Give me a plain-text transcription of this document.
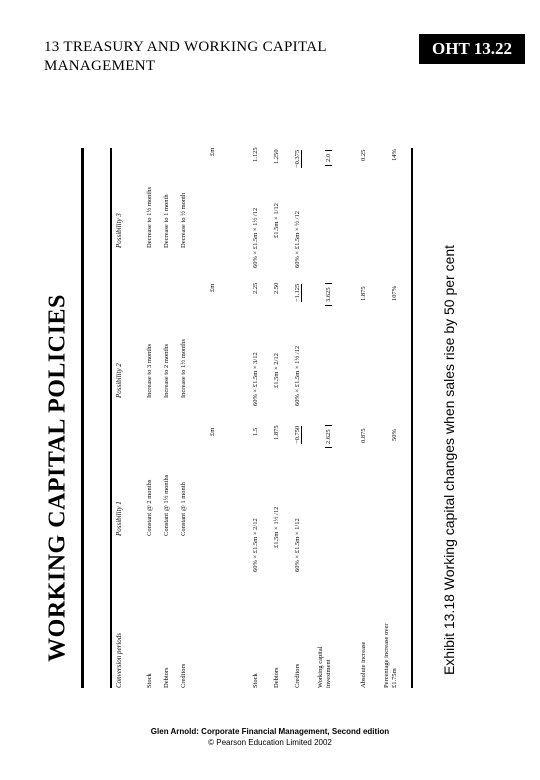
13 TREASURY AND WORKING CAPITAL MANAGEMENT
OHT 13.22
WORKING CAPITAL POLICIES	Exhibit 13.18 Working capital changes when sales rise by 50 per cent
Conversion periods
Possibility 1
Possibility 2
Possibility 3
Stock
Constant @ 2 months
Increase to 3 months
Decrease to 1½ months
Debtors
Constant @ 1½ months
Increase to 2 months
Decrease to 1 month
Creditors
Constant @ 1 month
Increase to 1½ months
Decrease to ½ month
£m
£m
£m
Stock
60% × £1.5m × 2/12
1.5
60% × £1.5m × 3/12
2.25
60% × £1.5m × 1½ /12
1.125
Debtors
£1.5m × 1½ /12
1.875
£1.5m × 2/12
2.50
£1.5m × 1/12
1.250
Creditors
60% × £1.5m × 1/12
−0.750
60% × £1.5m × 1½ /12
−1.125
60% × £1.5m × ½ /12
−0.375
Working capital investment
2.625
3.625
2.0
Absolute increase
0.875
1.875
0.25
Percentage increase over £1.75m
50%
107%
14%
Glen Arnold: Corporate Financial Management, Second edition
© Pearson Education Limited 2002
